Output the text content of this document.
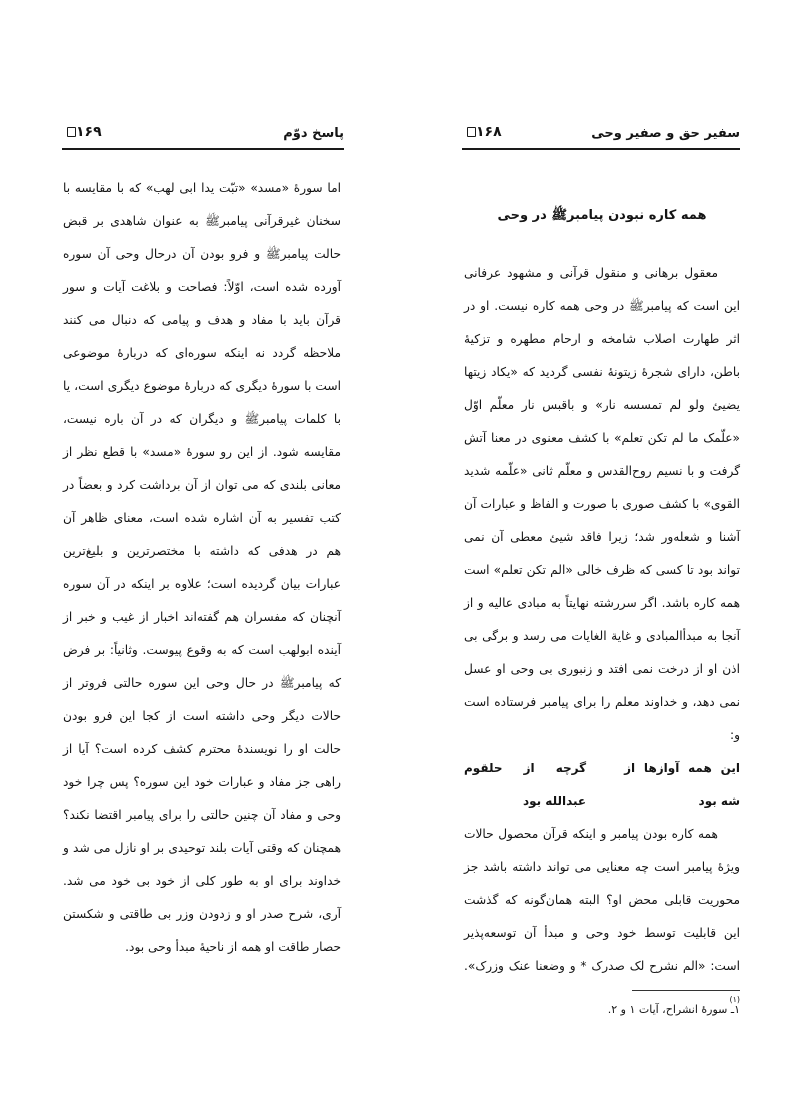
پاسخ دوّم
۱۶۹

اما سورهٔ «مسد» «تبّت یدا ابی لهب» که با مقایسه با سخنان غیرقرآنی پیامبرﷺ به عنوان شاهدی بر قبض حالت پیامبرﷺ و فرو بودن آن درحال وحی آن سوره آورده شده است، اوّلاً: فصاحت و بلاغت آیات و سور قرآن باید با مفاد و هدف و پیامی که دنبال می کنند ملاحظه گردد نه اینکه سوره‌ای که دربارهٔ موضوعی است با سورهٔ دیگری که دربارهٔ موضوع دیگری است، یا با کلمات پیامبرﷺ و دیگران که در آن باره نیست، مقایسه شود. از این رو سورهٔ «مسد» با قطع نظر از معانی بلندی که می توان از آن برداشت کرد و بعضاً در کتب تفسیر به آن اشاره شده است، معنای ظاهر آن هم در هدفی که داشته با مختصرترین و بلیغ‌ترین عبارات بیان گردیده است؛ علاوه بر اینکه در آن سوره آنچنان که مفسران هم گفته‌اند اخبار از غیب و خبر از آینده ابولهب است که به وقوع پیوست. وثانیاً: بر فرض که پیامبرﷺ در حال وحی این سوره حالتی فروتر از حالات دیگر وحی داشته است از کجا این فرو بودن حالت او را نویسندهٔ محترم کشف کرده است؟ آیا از راهی جز مفاد و عبارات خود این سوره؟ پس چرا خود وحی و مفاد آن چنین حالتی را برای پیامبر اقتضا نکند؟ همچنان که وقتی آیات بلند توحیدی بر او نازل می شد و خداوند برای او به طور کلی از خود بی خود می شد. آری، شرح صدر او و زدودن وزر بی طاقتی و شکستن حصار طاقت او همه از ناحیهٔ مبدأ وحی بود.

سفیر حق و صفیر وحی
۱۶۸
همه کاره نبودن پیامبرﷺ در وحی

معقول برهانی و منقول قرآنی و مشهود عرفانی این است که پیامبرﷺ در وحی همه کاره نیست. او در اثر طهارت اصلاب شامخه و ارحام مطهره و تزکیهٔ باطن، دارای شجرهٔ زیتونهٔ نفسی گردید که «یکاد زیتها یضیئ ولو لم تمسسه نار» و باقبس نار معلّم اوّل «علّمک ما لم تکن تعلم» با کشف معنوی در معنا آتش گرفت و با نسیم روح‌القدس و معلّم ثانی «علّمه شدید القوی» با کشف صوری با صورت و الفاظ و عبارات آن آشنا و شعله‌ور شد؛ زیرا فاقد شیئ معطی آن نمی تواند بود تا کسی که ظرف خالی «الم تکن تعلم» است همه کاره باشد. اگر سررشته نهایتاً به مبادی عالیه و از آنجا به مبدأالمبادی و غایة الغایات می رسد و برگی بی اذن او از درخت نمی افتد و زنبوری بی وحی او عسل نمی دهد، و خداوند معلم را برای پیامبر فرستاده است و:

این همه آوازها از شه بود
گرچه از حلقوم عبدالله بود

همه کاره بودن پیامبر و اینکه قرآن محصول حالات ویژهٔ پیامبر است چه معنایی می تواند داشته باشد جز محوریت قابلی محض او؟ البته همان‌گونه که گذشت این قابلیت توسط خود وحی و مبدأ آن توسعه‌پذیر است: «الم نشرح لک صدرک * و وضعنا عنک وزرک».$^{(۱)}$

۱ـ سورهٔ انشراح، آیات ۱ و ۲.
